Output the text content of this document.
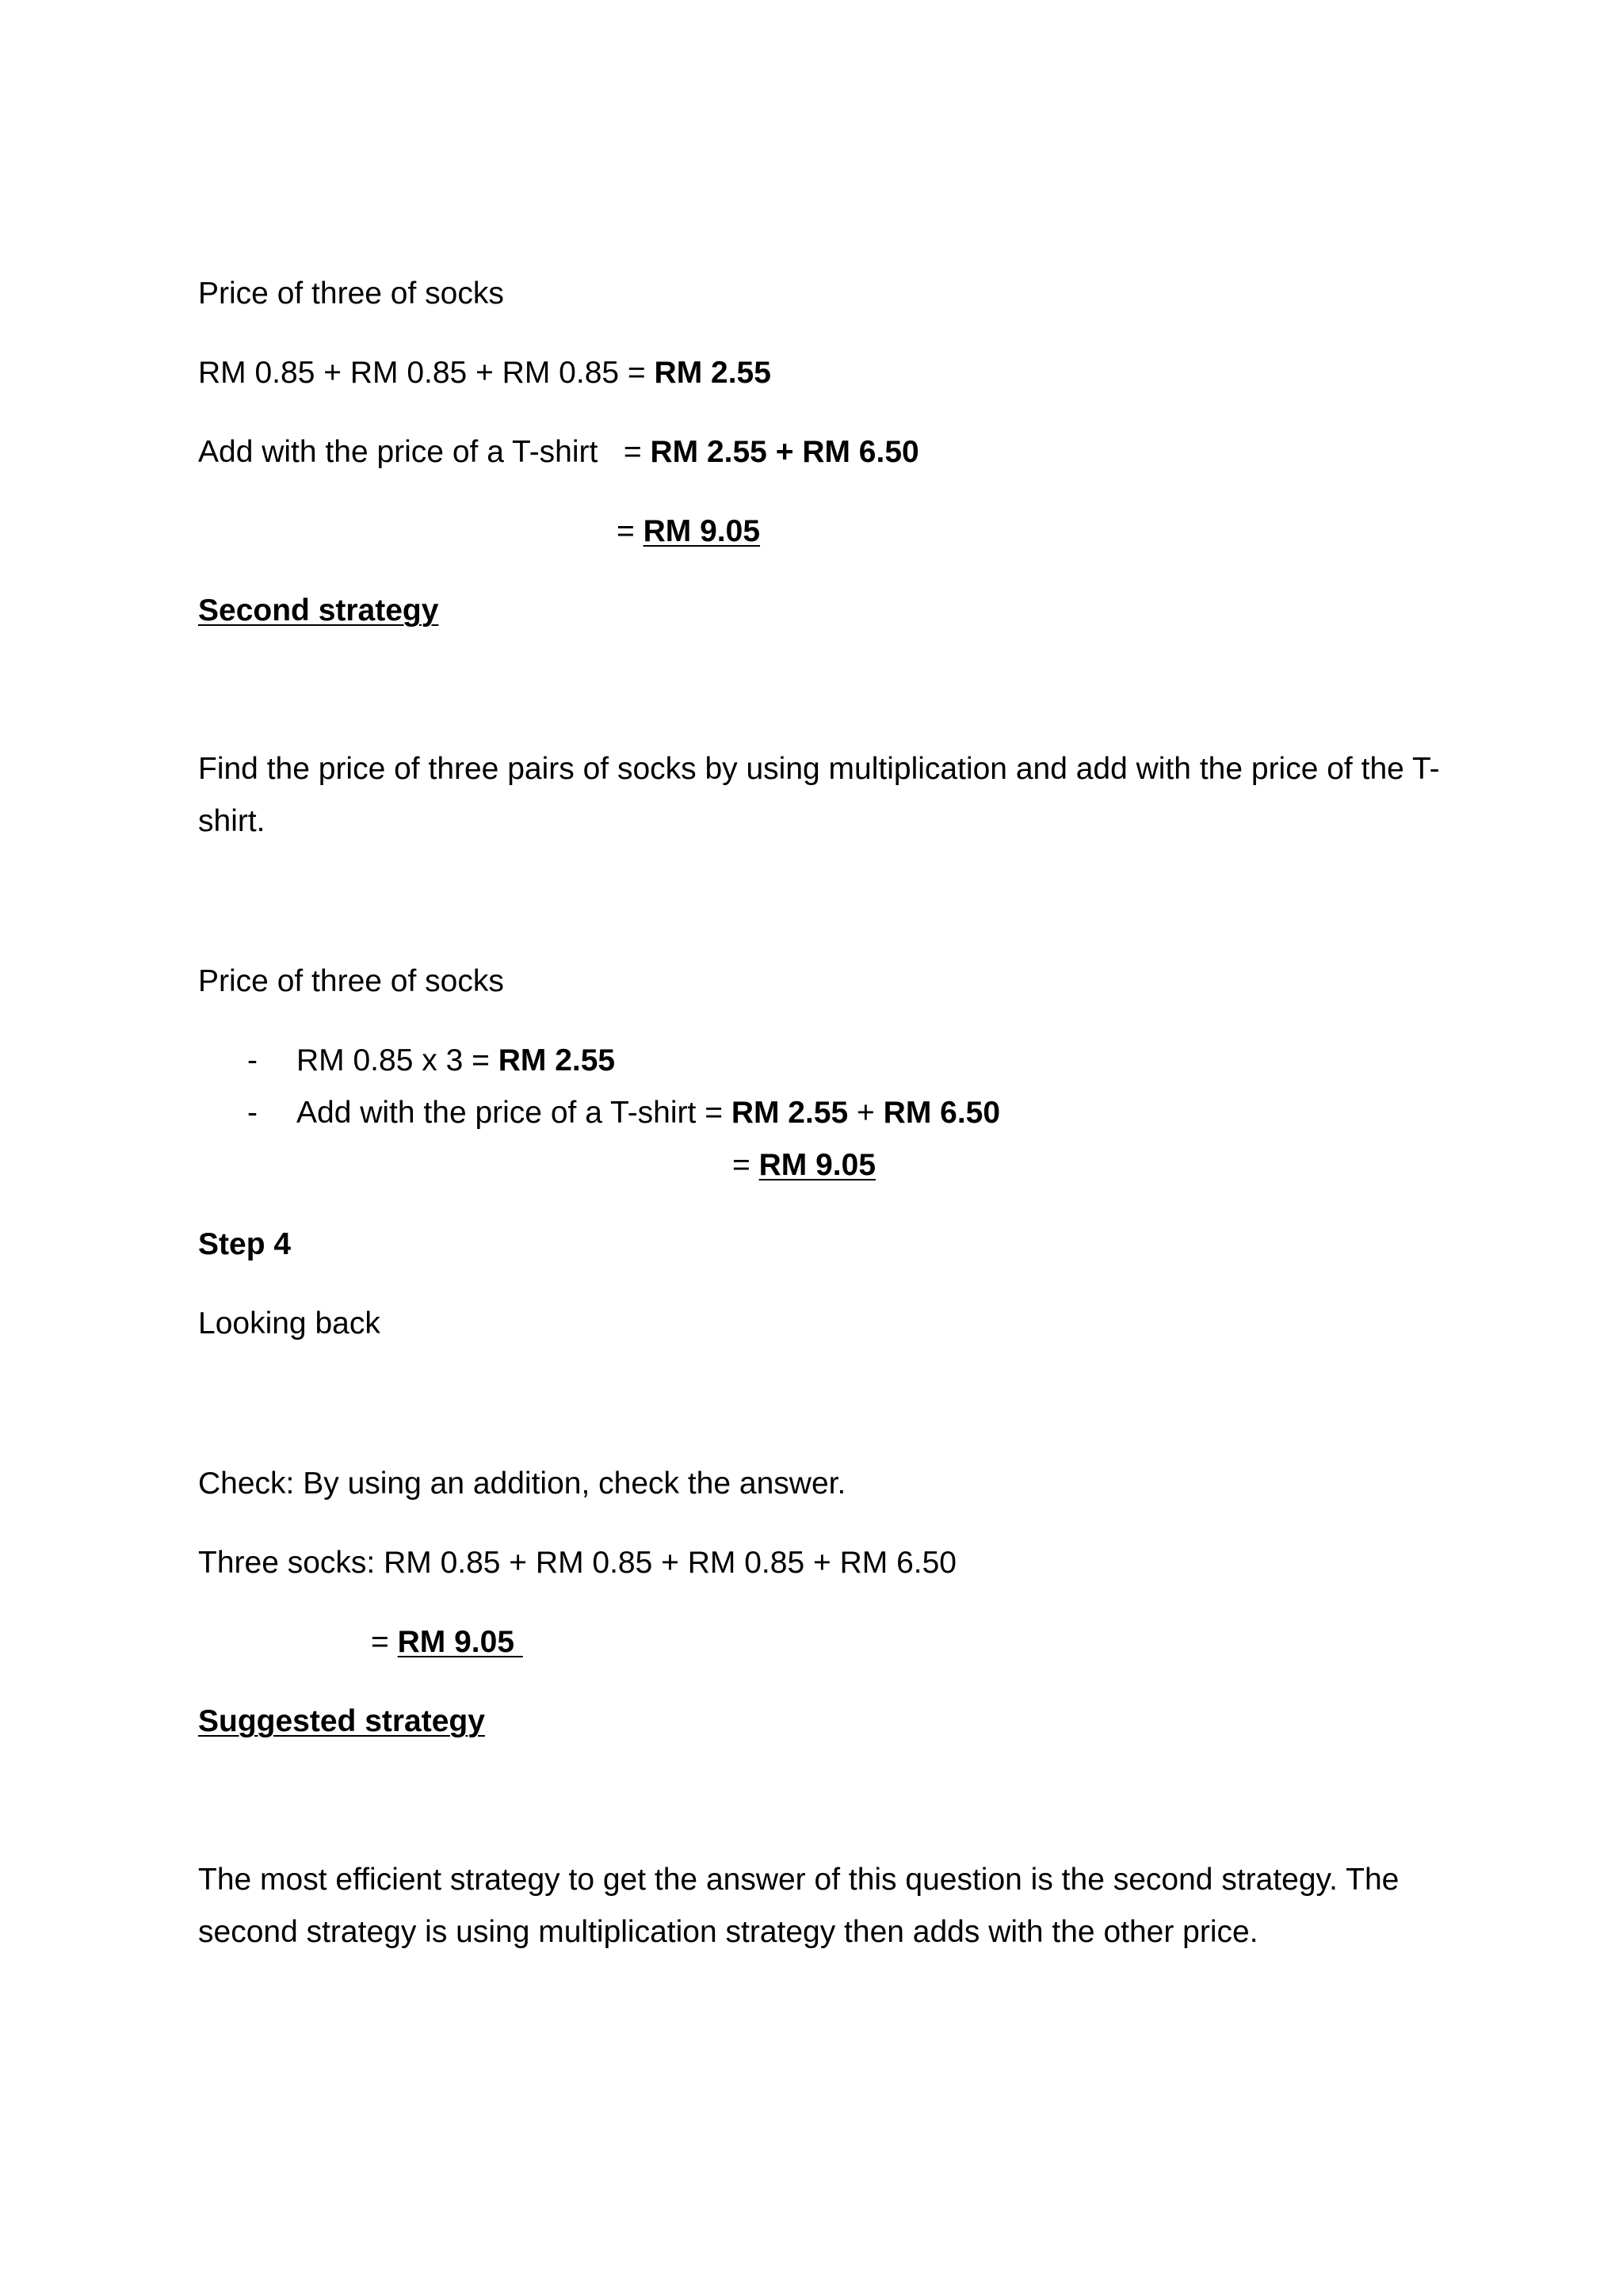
Price of three of socks
RM 0.85 + RM 0.85 + RM 0.85 = RM 2.55
Add with the price of a T-shirt   = RM 2.55 + RM 6.50
= RM 9.05
Second strategy
Find the price of three pairs of socks by using multiplication and add with the price of the T-
shirt.
Price of three of socks
- RM 0.85 x 3 = RM 2.55
- Add with the price of a T-shirt = RM 2.55 + RM 6.50
= RM 9.05
Step 4
Looking back
Check: By using an addition, check the answer.
Three socks: RM 0.85 + RM 0.85 + RM 0.85 + RM 6.50
= RM 9.05
Suggested strategy
The most efficient strategy to get the answer of this question is the second strategy. The
second strategy is using multiplication strategy then adds with the other price.
